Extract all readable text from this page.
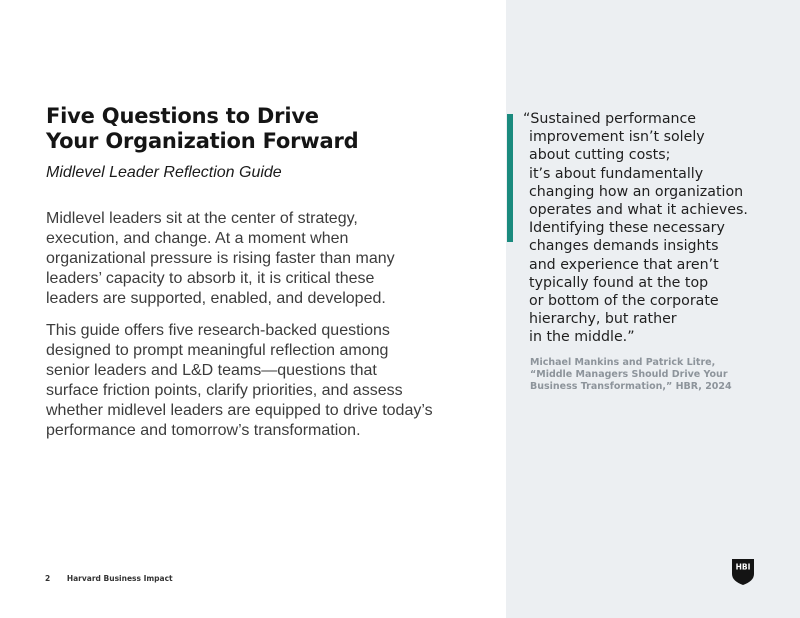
Five Questions to Drive
Your Organization Forward

Midlevel Leader Reflection Guide

Midlevel leaders sit at the center of strategy,
execution, and change. At a moment when
organizational pressure is rising faster than many
leaders’ capacity to absorb it, it is critical these
leaders are supported, enabled, and developed.

This guide offers five research-backed questions
designed to prompt meaningful reflection among
senior leaders and L&D teams—questions that
surface friction points, clarify priorities, and assess
whether midlevel leaders are equipped to drive today’s
performance and tomorrow’s transformation.

“Sustained performance
improvement isn’t solely
about cutting costs;
it’s about fundamentally
changing how an organization
operates and what it achieves.
Identifying these necessary
changes demands insights
and experience that aren’t
typically found at the top
or bottom of the corporate
hierarchy, but rather
in the middle.”

Michael Mankins and Patrick Litre,
“Middle Managers Should Drive Your
Business Transformation,” HBR, 2024

2 Harvard Business Impact
HBI
